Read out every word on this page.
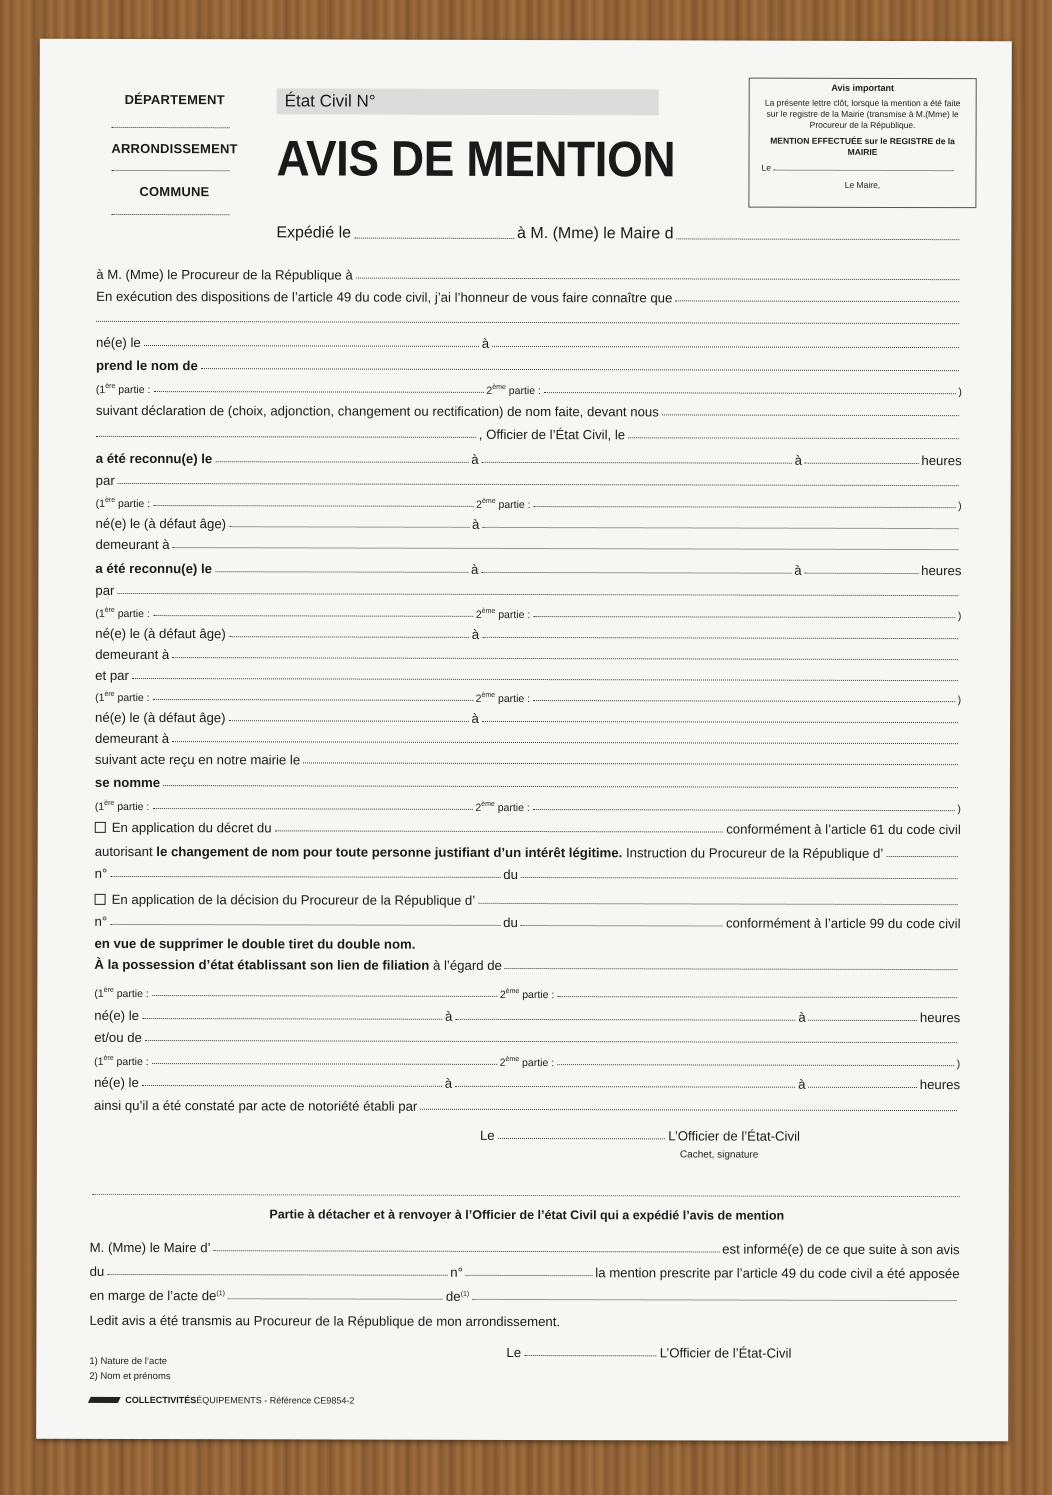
DÉPARTEMENT
ARRONDISSEMENT
COMMUNE
État Civil N°
AVIS DE MENTION
Avis important
La présente lettre clôt, lorsque la mention a été faite sur le registre de la Mairie (transmise à M.(Mme) le Procureur de la République.
MENTION EFFECTUÉE sur le REGISTRE de la MAIRIE
Le
Le Maire,
Expédié le	à M. (Mme) le Maire d
à M. (Mme) le Procureur de la République à
En exécution des dispositions de l’article 49 du code civil, j’ai l’honneur de vous faire connaître que
né(e) le	à
prend le nom de
(1ère partie :	2ème partie :	)
suivant déclaration de (choix, adjonction, changement ou rectification) de nom faite, devant nous
, Officier de l’État Civil, le
a été reconnu(e) le	à	à	heures
par
(1ère partie :	2ème partie :	)
né(e) le (à défaut âge)	à
demeurant à
a été reconnu(e) le	à	à	heures
par
(1ère partie :	2ème partie :	)
né(e) le (à défaut âge)	à
demeurant à
et par
(1ère partie :	2ème partie :	)
né(e) le (à défaut âge)	à
demeurant à
suivant acte reçu en notre mairie le
se nomme
(1ère partie :	2ème partie :	)
En application du décret du	conformément à l’article 61 du code civil
autorisant le changement de nom pour toute personne justifiant d’un intérêt légitime. Instruction du Procureur de la République d’
n°	du
En application de la décision du Procureur de la République d’
n°	du	conformément à l’article 99 du code civil
en vue de supprimer le double tiret du double nom.
À la possession d’état établissant son lien de filiation à l’égard de
(1ère partie :	2ème partie :
né(e) le	à	à	heures
et/ou de
(1ère partie :	2ème partie :	)
né(e) le	à	à	heures
ainsi qu’il a été constaté par acte de notoriété établi par
Le	L’Officier de l’État-Civil
Cachet, signature
Partie à détacher et à renvoyer à l’Officier de l’état Civil qui a expédié l’avis de mention
M. (Mme) le Maire d’	est informé(e) de ce que suite à son avis
du	n°	la mention prescrite par l’article 49 du code civil a été apposée
en marge de l’acte $de^{(1)}$	$de^{(1)}$
Ledit avis a été transmis au Procureur de la République de mon arrondissement.
Le	L’Officier de l’État-Civil
1) Nature de l’acte
2) Nom et prénoms
COLLECTIVITÉS ÉQUIPEMENTS - Référence CE9854-2
